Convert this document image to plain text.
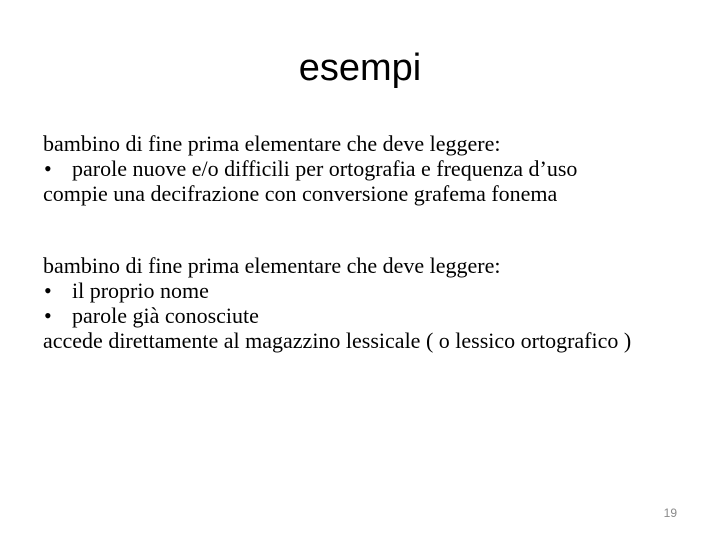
esempi
bambino di fine prima elementare che deve leggere:
• parole nuove e/o difficili per ortografia e frequenza d’uso
compie una decifrazione con conversione grafema fonema
bambino di fine prima elementare che deve leggere:
• il proprio nome
• parole già conosciute
accede direttamente al magazzino lessicale ( o lessico ortografico )
19
